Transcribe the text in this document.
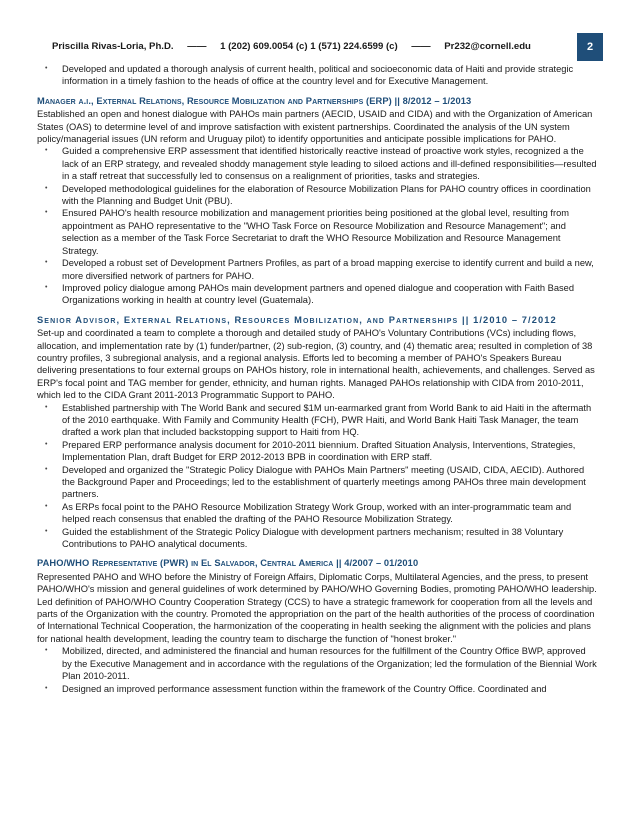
Priscilla Rivas-Loria, Ph.D. —— 1 (202) 609.0054 (c) 1 (571) 224.6599 (c) —— Pr232@cornell.edu	2
• Developed and updated a thorough analysis of current health, political and socioeconomic data of Haiti and provide strategic information in a timely fashion to the heads of office at the country level and for Executive Management.
Manager a.i., External Relations, Resource Mobilization and Partnerships (ERP) || 8/2012 – 1/2013

Established an open and honest dialogue with PAHOs main partners (AECID, USAID and CIDA) and with the Organization of American States (OAS) to determine level of and improve satisfaction with existent partnerships. Coordinated the analysis of the UN system policy/managerial issues (UN reform and Uruguay pilot) to identify opportunities and anticipate possible implications for PAHO.

• Guided a comprehensive ERP assessment that identified historically reactive instead of proactive work styles, recognized a the lack of an ERP strategy, and revealed shoddy management style leading to siloed actions and ill-defined responsibilities—resulted in a staff retreat that successfully led to consensus on a realignment of priorities, tasks and strategies.
• Developed methodological guidelines for the elaboration of Resource Mobilization Plans for PAHO country offices in coordination with the Planning and Budget Unit (PBU).
• Ensured PAHO's health resource mobilization and management priorities being positioned at the global level, resulting from appointment as PAHO representative to the "WHO Task Force on Resource Mobilization and Resource Management"; and selection as a member of the Task Force Secretariat to draft the WHO Resource Mobilization and Resource Management Strategy.
• Developed a robust set of Development Partners Profiles, as part of a broad mapping exercise to identify current and build a new, more diversified network of partners for PAHO.
• Improved policy dialogue among PAHOs main development partners and opened dialogue and cooperation with Faith Based Organizations working in health at country level (Guatemala).
Senior Advisor, External Relations, Resources Mobilization, and Partnerships || 1/2010 – 7/2012

Set-up and coordinated a team to complete a thorough and detailed study of PAHO's Voluntary Contributions (VCs) including flows, allocation, and implementation rate by (1) funder/partner, (2) sub-region, (3) country, and (4) thematic area; resulted in completion of 38 country profiles, 3 subregional analysis, and a regional analysis. Efforts led to becoming a member of PAHO's Speakers Bureau delivering presentations to four external groups on PAHOs history, role in international health, achievements, and challenges. Served as ERP's focal point and TAG member for gender, ethnicity, and human rights. Managed PAHOs relationship with CIDA from 2010-2011, which led to the CIDA Grant 2011-2013 Programmatic Support to PAHO.

• Established partnership with The World Bank and secured $1M un-earmarked grant from World Bank to aid Haiti in the aftermath of the 2010 earthquake. With Family and Community Health (FCH), PWR Haiti, and World Bank Haiti Task Manager, the team drafted a work plan that included backstopping support to Haiti from HQ.
• Prepared ERP performance analysis document for 2010-2011 biennium. Drafted Situation Analysis, Interventions, Strategies, Implementation Plan, draft Budget for ERP 2012-2013 BPB in coordination with ERP staff.
• Developed and organized the "Strategic Policy Dialogue with PAHOs Main Partners" meeting (USAID, CIDA, AECID). Authored the Background Paper and Proceedings; led to the establishment of quarterly meetings among PAHOs three main development partners.
• As ERPs focal point to the PAHO Resource Mobilization Strategy Work Group, worked with an inter-programmatic team and helped reach consensus that enabled the drafting of the PAHO Resource Mobilization Strategy.
• Guided the establishment of the Strategic Policy Dialogue with development partners mechanism; resulted in 38 Voluntary Contributions to PAHO analytical documents.
PAHO/WHO Representative (PWR) in El Salvador, Central America || 4/2007 – 01/2010

Represented PAHO and WHO before the Ministry of Foreign Affairs, Diplomatic Corps, Multilateral Agencies, and the press, to present PAHO/WHO's mission and general guidelines of work determined by PAHO/WHO Governing Bodies, promoting PAHO/WHO leadership. Led definition of PAHO/WHO Country Cooperation Strategy (CCS) to have a strategic framework for cooperation from all the levels and parts of the Organization with the country. Promoted the appropriation on the part of the health authorities of the process of coordination of International Technical Cooperation, the harmonization of the cooperating in health seeking the alignment with the policies and plans for national health development, leading the country team to discharge the function of "honest broker."

• Mobilized, directed, and administered the financial and human resources for the fulfillment of the Country Office BWP, approved by the Executive Management and in accordance with the regulations of the Organization; led the formulation of the Biennial Work Plan 2010-2011.
• Designed an improved performance assessment function within the framework of the Country Office. Coordinated and
